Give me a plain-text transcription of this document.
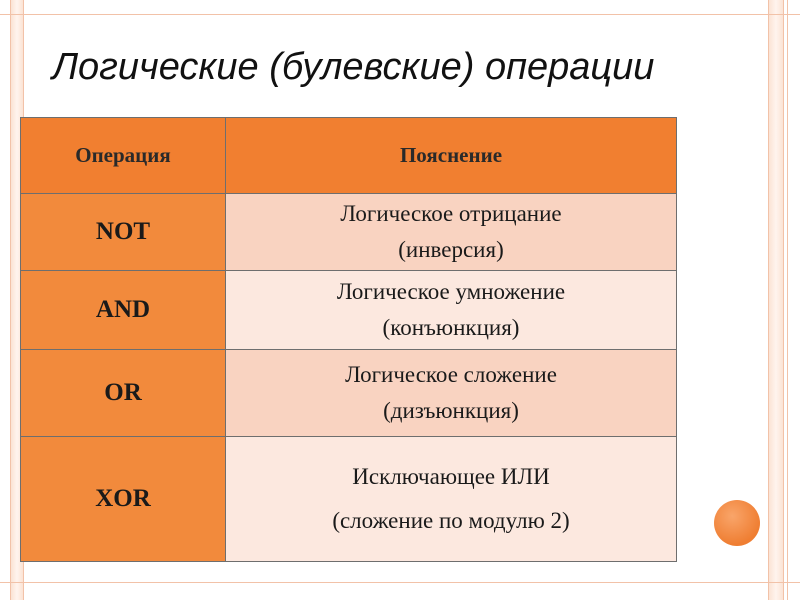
Логические (булевские) операции
Операция	Пояснение
NOT	Логическое отрицание
(инверсия)

AND	Логическое умножение
(конъюнкция)

OR	Логическое сложение
(дизъюнкция)

XOR	Исключающее ИЛИ
(сложение по модулю 2)
